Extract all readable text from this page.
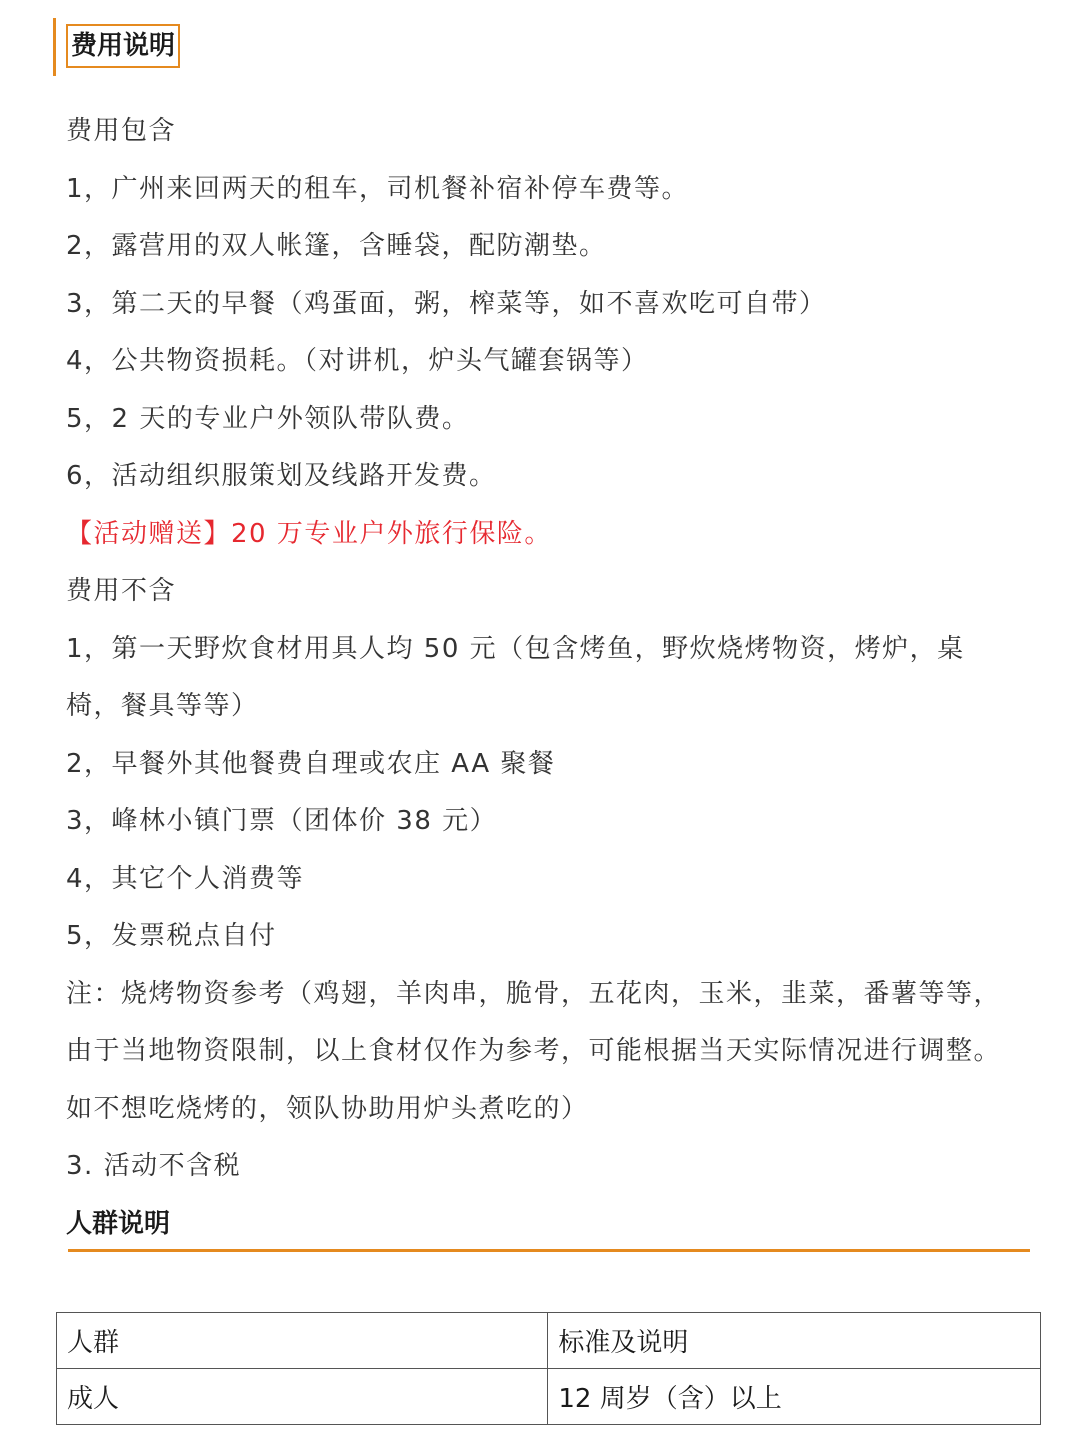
费用说明
费用包含
1，广州来回两天的租车，司机餐补宿补停车费等。
2，露营用的双人帐篷，含睡袋，配防潮垫。
3，第二天的早餐（鸡蛋面，粥，榨菜等，如不喜欢吃可自带）
4，公共物资损耗。（对讲机，炉头气罐套锅等）
5，2 天的专业户外领队带队费。
6，活动组织服策划及线路开发费。
【活动赠送】20 万专业户外旅行保险。
费用不含
1，第一天野炊食材用具人均 50 元（包含烤鱼，野炊烧烤物资，烤炉，桌
椅，餐具等等）
2，早餐外其他餐费自理或农庄 AA 聚餐
3，峰林小镇门票（团体价 38 元）
4，其它个人消费等
5，发票税点自付
注：烧烤物资参考（鸡翅，羊肉串，脆骨，五花肉，玉米，韭菜，番薯等等，
由于当地物资限制，以上食材仅作为参考，可能根据当天实际情况进行调整。
如不想吃烧烤的，领队协助用炉头煮吃的）
3. 活动不含税
人群说明
人群	标准及说明
成人	12 周岁（含）以上
